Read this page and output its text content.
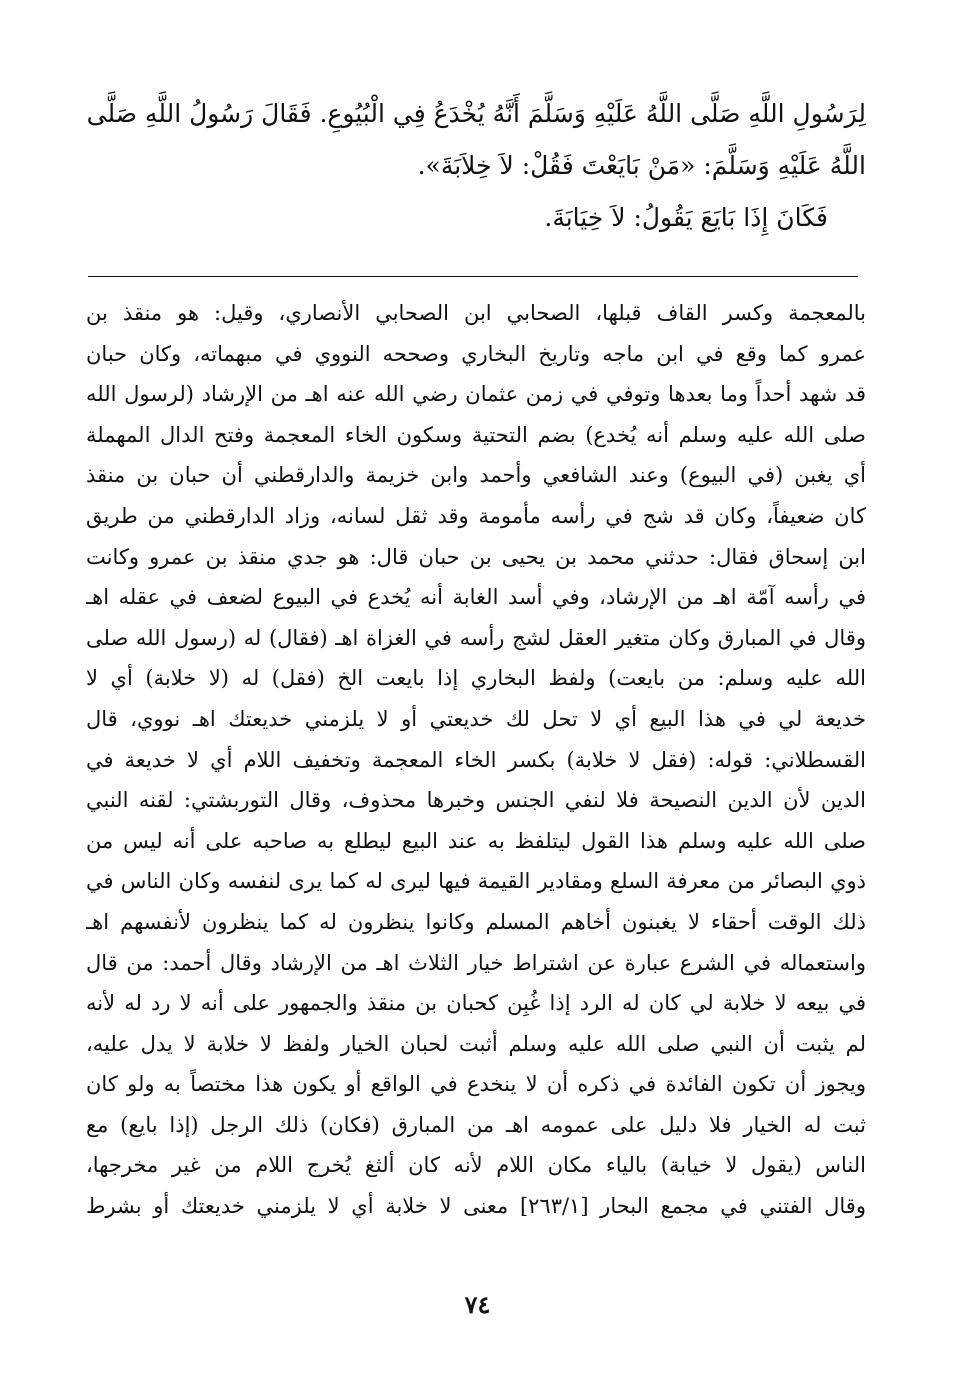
لِرَسُولِ اللَّهِ صَلَّى اللَّهُ عَلَيْهِ وَسَلَّمَ أَنَّهُ يُخْدَعُ فِي الْبُيُوعِ. فَقَالَ رَسُولُ اللَّهِ صَلَّى

اللَّهُ عَلَيْهِ وَسَلَّمَ: «مَنْ بَايَعْتَ فَقُلْ: لاَ خِلاَبَةَ».

فَكَانَ إِذَا بَايَعَ يَقُولُ: لاَ خِيَابَةَ.

بالمعجمة وكسر القاف قبلها، الصحابي ابن الصحابي الأنصاري، وقيل: هو منقذ بن
عمرو كما وقع في ابن ماجه وتاريخ البخاري وصححه النووي في مبهماته، وكان حبان
قد شهد أحداً وما بعدها وتوفي في زمن عثمان رضي الله عنه اهـ من الإرشاد (لرسول الله
صلى الله عليه وسلم أنه يُخدع) بضم التحتية وسكون الخاء المعجمة وفتح الدال المهملة
أي يغبن (في البيوع) وعند الشافعي وأحمد وابن خزيمة والدارقطني أن حبان بن منقذ
كان ضعيفاً، وكان قد شج في رأسه مأمومة وقد ثقل لسانه، وزاد الدارقطني من طريق
ابن إسحاق فقال: حدثني محمد بن يحيى بن حبان قال: هو جدي منقذ بن عمرو وكانت
في رأسه آمّة اهـ من الإرشاد، وفي أسد الغابة أنه يُخدع في البيوع لضعف في عقله اهـ
وقال في المبارق وكان متغير العقل لشج رأسه في الغزاة اهـ (فقال) له (رسول الله صلى
الله عليه وسلم: من بايعت) ولفظ البخاري إذا بايعت الخ (فقل) له (لا خلابة) أي لا
خديعة لي في هذا البيع أي لا تحل لك خديعتي أو لا يلزمني خديعتك اهـ نووي، قال
القسطلاني: قوله: (فقل لا خلابة) بكسر الخاء المعجمة وتخفيف اللام أي لا خديعة في
الدين لأن الدين النصيحة فلا لنفي الجنس وخبرها محذوف، وقال التوربشتي: لقنه النبي
صلى الله عليه وسلم هذا القول ليتلفظ به عند البيع ليطلع به صاحبه على أنه ليس من
ذوي البصائر من معرفة السلع ومقادير القيمة فيها ليرى له كما يرى لنفسه وكان الناس في
ذلك الوقت أحقاء لا يغبنون أخاهم المسلم وكانوا ينظرون له كما ينظرون لأنفسهم اهـ
واستعماله في الشرع عبارة عن اشتراط خيار الثلاث اهـ من الإرشاد وقال أحمد: من قال
في بيعه لا خلابة لي كان له الرد إذا غُبِن كحبان بن منقذ والجمهور على أنه لا رد له لأنه
لم يثبت أن النبي صلى الله عليه وسلم أثبت لحبان الخيار ولفظ لا خلابة لا يدل عليه،
ويجوز أن تكون الفائدة في ذكره أن لا ينخدع في الواقع أو يكون هذا مختصاً به ولو كان
ثبت له الخيار فلا دليل على عمومه اهـ من المبارق (فكان) ذلك الرجل (إذا بايع) مع
الناس (يقول لا خيابة) بالياء مكان اللام لأنه كان ألثغ يُخرج اللام من غير مخرجها،
وقال الفتني في مجمع البحار [٢٦٣/١] معنى لا خلابة أي لا يلزمني خديعتك أو بشرط
٧٤
